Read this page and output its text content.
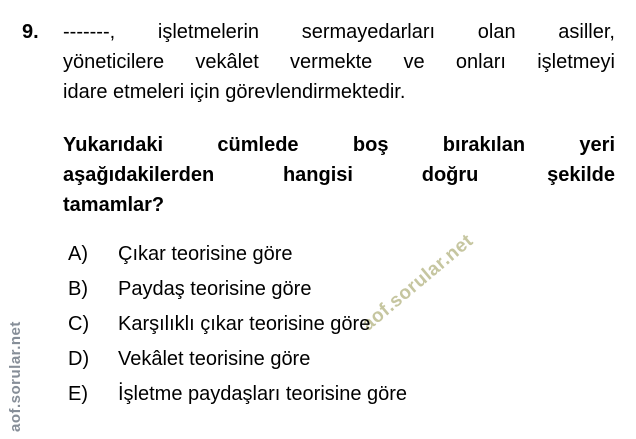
aof.sorular.net
aof.sorular.net
9. -------, işletmelerin sermayedarları olan asiller,
yöneticilere vekâlet vermekte ve onları işletmeyi
idare etmeleri için görevlendirmektedir.
Yukarıdaki cümlede boş bırakılan yeri
aşağıdakilerden hangisi doğru şekilde
tamamlar?
A)	Çıkar teorisine göre
B)	Paydaş teorisine göre
C)	Karşılıklı çıkar teorisine göre
D)	Vekâlet teorisine göre
E)	İşletme paydaşları teorisine göre
